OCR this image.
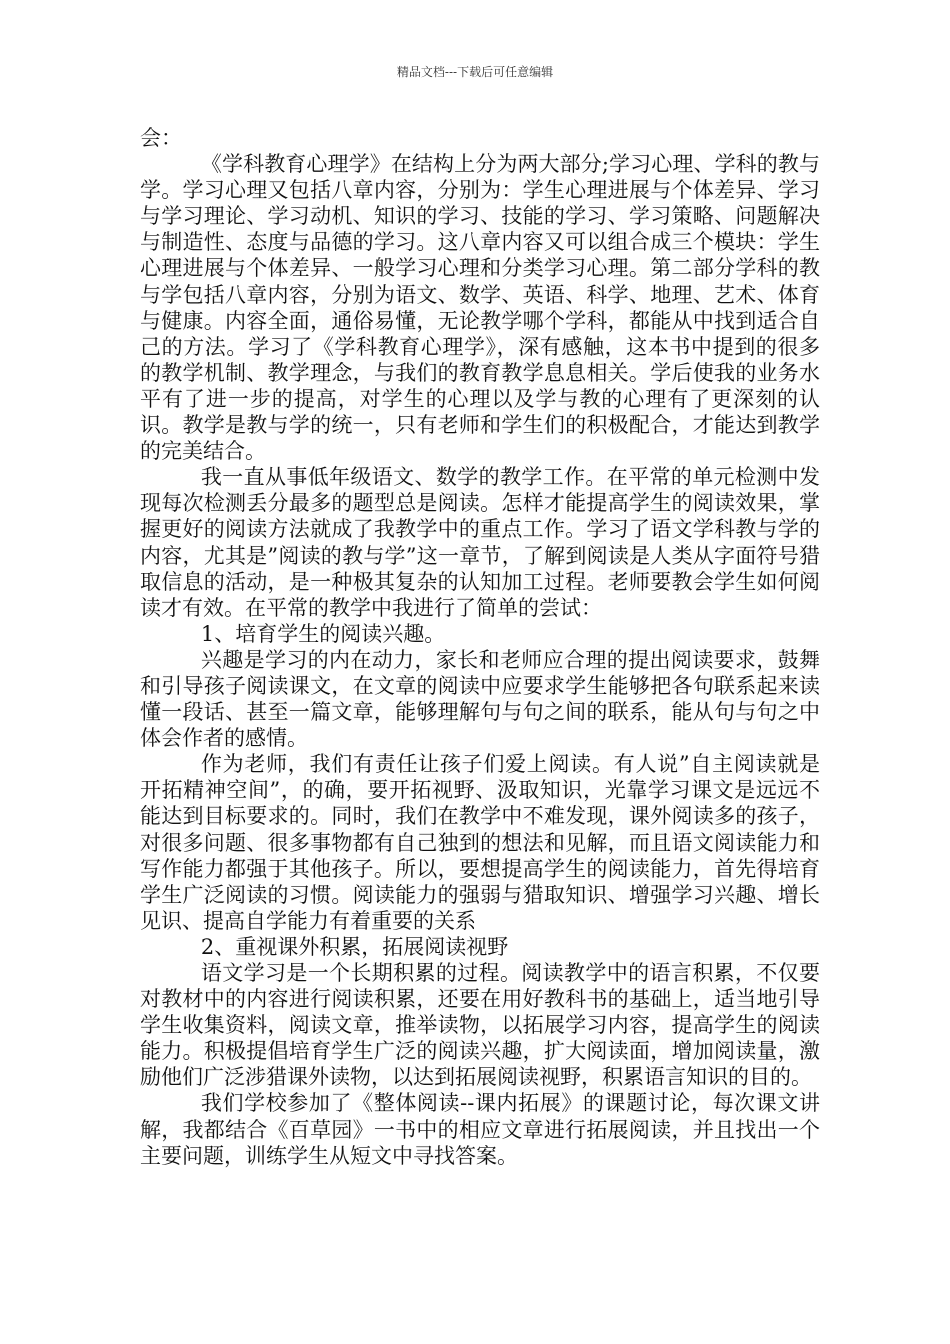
精品文档---下载后可任意编辑

会：

《学科教育心理学》在结构上分为两大部分;学习心理、学科的教与学。学习心理又包括八章内容，分别为：学生心理进展与个体差异、学习与学习理论、学习动机、知识的学习、技能的学习、学习策略、问题解决与制造性、态度与品德的学习。这八章内容又可以组合成三个模块：学生心理进展与个体差异、一般学习心理和分类学习心理。第二部分学科的教与学包括八章内容，分别为语文、数学、英语、科学、地理、艺术、体育与健康。内容全面，通俗易懂，无论教学哪个学科，都能从中找到适合自己的方法。学习了《学科教育心理学》，深有感触，这本书中提到的很多的教学机制、教学理念，与我们的教育教学息息相关。学后使我的业务水平有了进一步的提高，对学生的心理以及学与教的心理有了更深刻的认识。教学是教与学的统一，只有老师和学生们的积极配合，才能达到教学的完美结合。

我一直从事低年级语文、数学的教学工作。在平常的单元检测中发现每次检测丢分最多的题型总是阅读。怎样才能提高学生的阅读效果，掌握更好的阅读方法就成了我教学中的重点工作。学习了语文学科教与学的内容，尤其是”阅读的教与学”这一章节，了解到阅读是人类从字面符号猎取信息的活动，是一种极其复杂的认知加工过程。老师要教会学生如何阅读才有效。在平常的教学中我进行了简单的尝试：

1、培育学生的阅读兴趣。

兴趣是学习的内在动力，家长和老师应合理的提出阅读要求，鼓舞和引导孩子阅读课文，在文章的阅读中应要求学生能够把各句联系起来读懂一段话、甚至一篇文章，能够理解句与句之间的联系，能从句与句之中体会作者的感情。

作为老师，我们有责任让孩子们爱上阅读。有人说”自主阅读就是开拓精神空间”，的确，要开拓视野、汲取知识，光靠学习课文是远远不能达到目标要求的。同时，我们在教学中不难发现，课外阅读多的孩子，对很多问题、很多事物都有自己独到的想法和见解，而且语文阅读能力和写作能力都强于其他孩子。所以，要想提高学生的阅读能力，首先得培育学生广泛阅读的习惯。阅读能力的强弱与猎取知识、增强学习兴趣、增长见识、提高自学能力有着重要的关系

2、重视课外积累，拓展阅读视野

语文学习是一个长期积累的过程。阅读教学中的语言积累，不仅要对教材中的内容进行阅读积累，还要在用好教科书的基础上，适当地引导学生收集资料，阅读文章，推举读物，以拓展学习内容，提高学生的阅读能力。积极提倡培育学生广泛的阅读兴趣，扩大阅读面，增加阅读量，激励他们广泛涉猎课外读物，以达到拓展阅读视野，积累语言知识的目的。

我们学校参加了《整体阅读--课内拓展》的课题讨论，每次课文讲解，我都结合《百草园》一书中的相应文章进行拓展阅读，并且找出一个主要问题，训练学生从短文中寻找答案。
